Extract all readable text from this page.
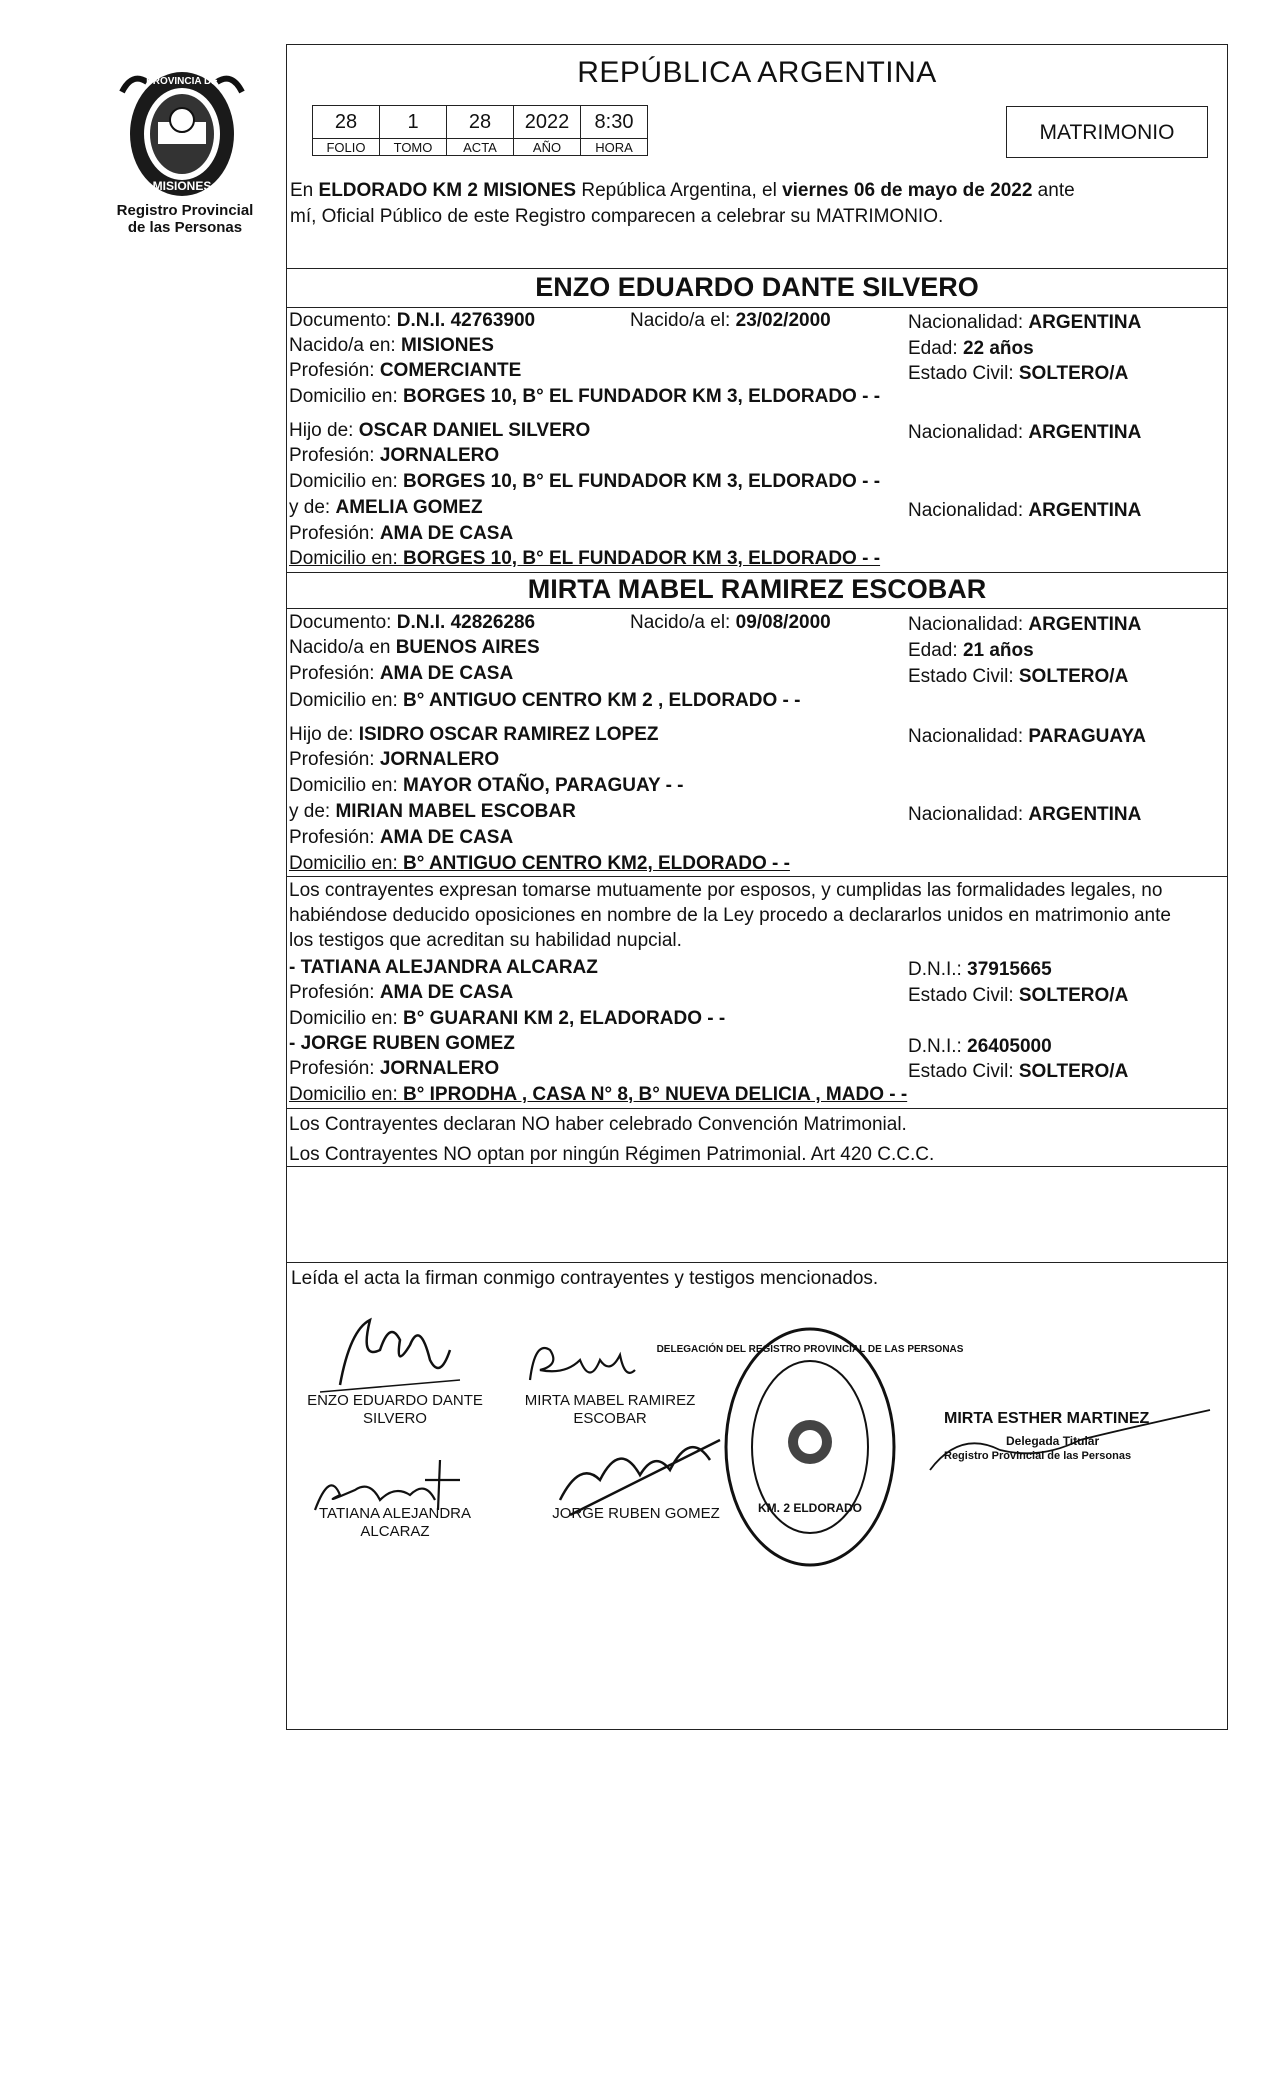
PROVINCIA DE
MISIONES
Registro Provincial
de las Personas
REPÚBLICA ARGENTINA
28	1	28	2022	8:30
FOLIO	TOMO	ACTA	AÑO	HORA
MATRIMONIO
En ELDORADO KM 2 MISIONES República Argentina, el viernes 06 de mayo de 2022 ante
mí, Oficial Público de este Registro comparecen a celebrar su MATRIMONIO.
ENZO EDUARDO DANTE SILVERO
Documento: D.N.I. 42763900	Nacido/a el: 23/02/2000	Nacionalidad: ARGENTINA
Nacido/a en: MISIONES	Edad: 22 años
Profesión: COMERCIANTE	Estado Civil: SOLTERO/A
Domicilio en: BORGES 10, B° EL FUNDADOR KM 3, ELDORADO - -
Hijo de: OSCAR DANIEL SILVERO	Nacionalidad: ARGENTINA
Profesión: JORNALERO
Domicilio en: BORGES 10, B° EL FUNDADOR KM 3, ELDORADO - -
y de: AMELIA GOMEZ	Nacionalidad: ARGENTINA
Profesión: AMA DE CASA
Domicilio en: BORGES 10, B° EL FUNDADOR KM 3, ELDORADO - -
MIRTA MABEL RAMIREZ ESCOBAR
Documento: D.N.I. 42826286	Nacido/a el: 09/08/2000	Nacionalidad: ARGENTINA
Nacido/a en BUENOS AIRES	Edad: 21 años
Profesión: AMA DE CASA	Estado Civil: SOLTERO/A
Domicilio en: B° ANTIGUO CENTRO KM 2 , ELDORADO - -
Hijo de: ISIDRO OSCAR RAMIREZ LOPEZ	Nacionalidad: PARAGUAYA
Profesión: JORNALERO
Domicilio en: MAYOR OTAÑO, PARAGUAY - -
y de: MIRIAN MABEL ESCOBAR	Nacionalidad: ARGENTINA
Profesión: AMA DE CASA
Domicilio en: B° ANTIGUO CENTRO KM2, ELDORADO - -
Los contrayentes expresan tomarse mutuamente por esposos, y cumplidas las formalidades legales, no
habiéndose deducido oposiciones en nombre de la Ley procedo a declararlos unidos en matrimonio ante
los testigos que acreditan su habilidad nupcial.
- TATIANA ALEJANDRA ALCARAZ	D.N.I.: 37915665
Profesión: AMA DE CASA	Estado Civil: SOLTERO/A
Domicilio en: B° GUARANI KM 2, ELADORADO - -
- JORGE RUBEN GOMEZ	D.N.I.: 26405000
Profesión: JORNALERO	Estado Civil: SOLTERO/A
Domicilio en: B° IPRODHA , CASA N° 8, B° NUEVA DELICIA , MADO - -
Los Contrayentes declaran NO haber celebrado Convención Matrimonial.
Los Contrayentes NO optan por ningún Régimen Patrimonial. Art 420 C.C.C.
Leída el acta la firman conmigo contrayentes y testigos mencionados.
ENZO EDUARDO DANTE
SILVERO
MIRTA MABEL RAMIREZ
ESCOBAR
TATIANA ALEJANDRA
ALCARAZ
JORGE RUBEN GOMEZ
DELEGACIÓN DEL REGISTRO PROVINCIAL DE LAS PERSONAS
KM. 2 ELDORADO
MIRTA ESTHER MARTINEZ
Delegada Titular
Registro Provincial de las Personas
